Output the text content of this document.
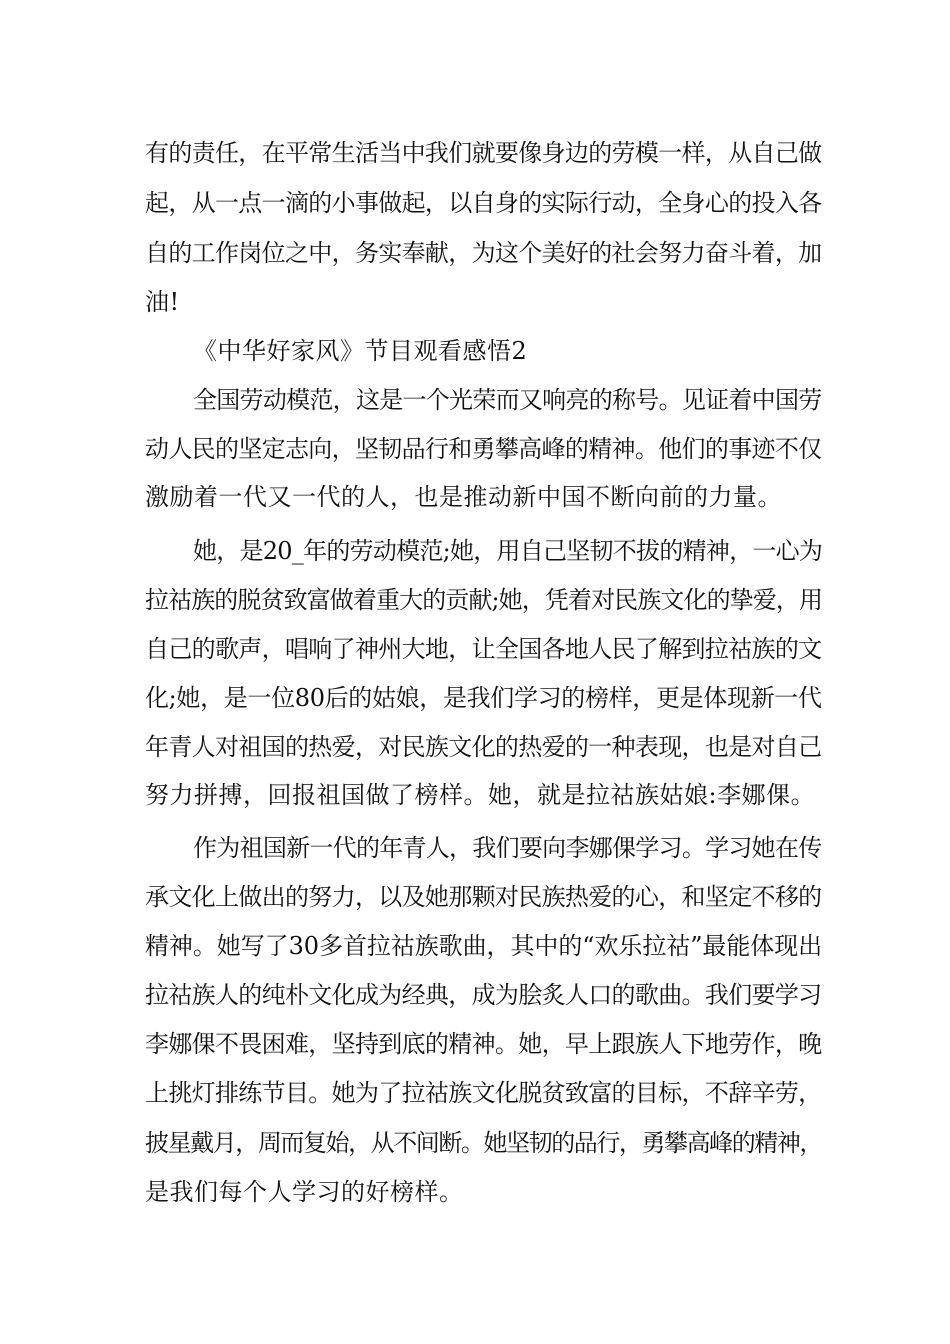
有的责任，在平常生活当中我们就要像身边的劳模一样，从自己做
起，从一点一滴的小事做起，以自身的实际行动，全身心的投入各
自的工作岗位之中，务实奉献，为这个美好的社会努力奋斗着，加
油!
《中华好家风》节目观看感悟2
全国劳动模范，这是一个光荣而又响亮的称号。见证着中国劳
动人民的坚定志向，坚韧品行和勇攀高峰的精神。他们的事迹不仅
激励着一代又一代的人，也是推动新中国不断向前的力量。
她，是20_年的劳动模范;她，用自己坚韧不拔的精神，一心为
拉祜族的脱贫致富做着重大的贡献;她，凭着对民族文化的挚爱，用
自己的歌声，唱响了神州大地，让全国各地人民了解到拉祜族的文
化;她，是一位80后的姑娘，是我们学习的榜样，更是体现新一代
年青人对祖国的热爱，对民族文化的热爱的一种表现，也是对自己
努力拼搏，回报祖国做了榜样。她，就是拉祜族姑娘:李娜倮。
作为祖国新一代的年青人，我们要向李娜倮学习。学习她在传
承文化上做出的努力，以及她那颗对民族热爱的心，和坚定不移的
精神。她写了30多首拉祜族歌曲，其中的“欢乐拉祜”最能体现出
拉祜族人的纯朴文化成为经典，成为脍炙人口的歌曲。我们要学习
李娜倮不畏困难，坚持到底的精神。她，早上跟族人下地劳作，晚
上挑灯排练节目。她为了拉祜族文化脱贫致富的目标，不辞辛劳，
披星戴月，周而复始，从不间断。她坚韧的品行，勇攀高峰的精神，
是我们每个人学习的好榜样。
